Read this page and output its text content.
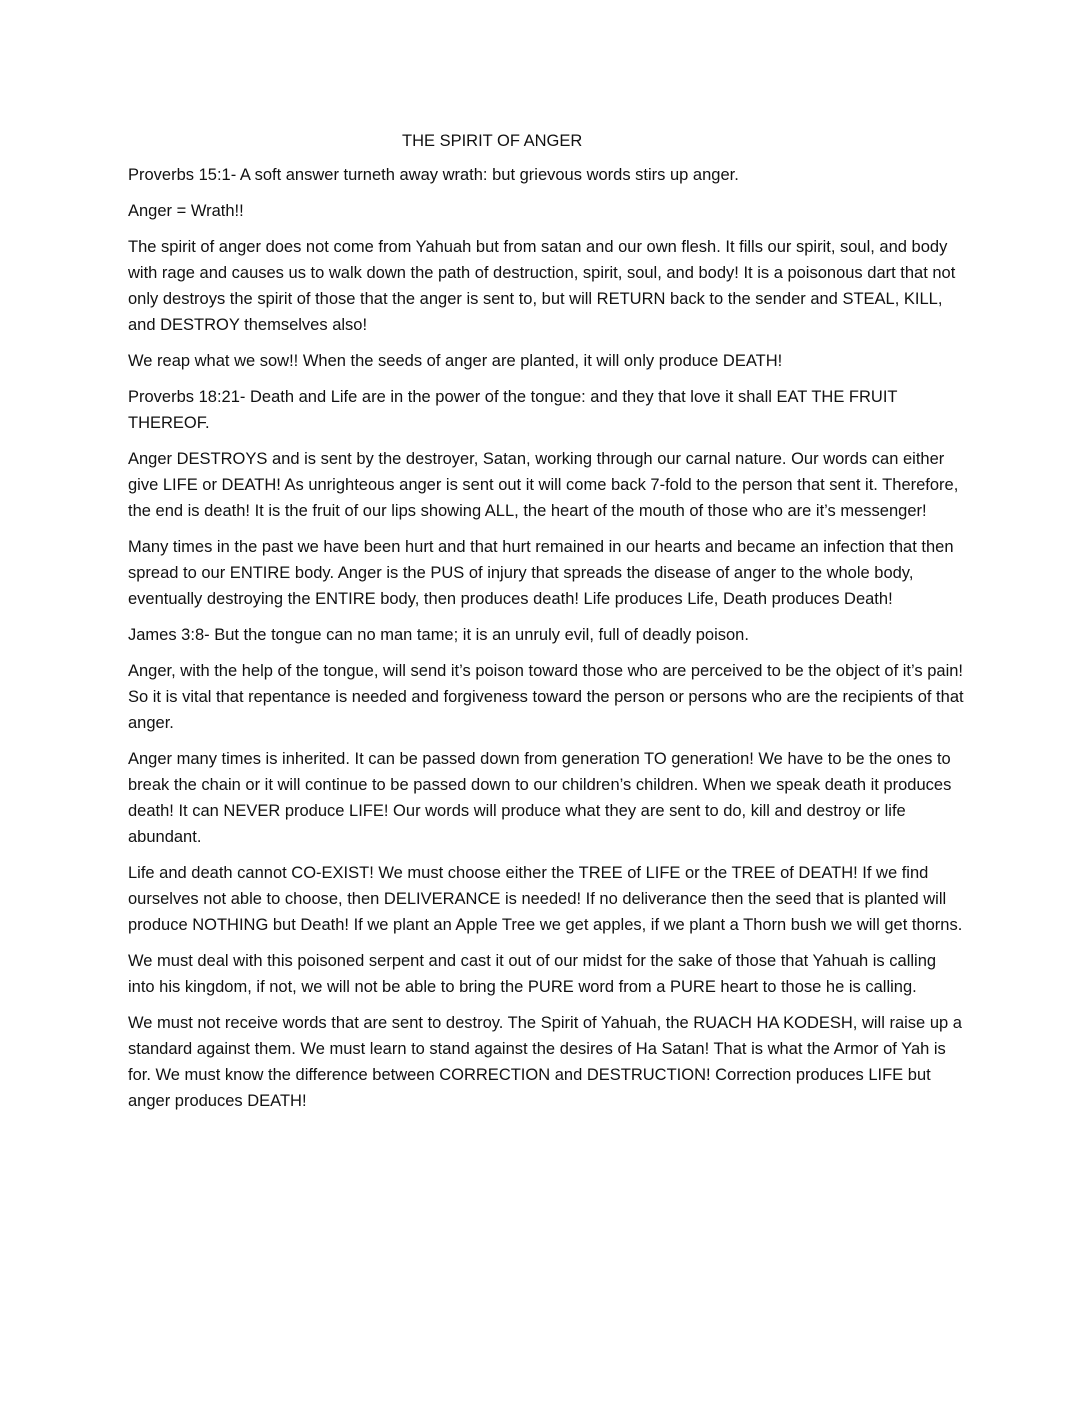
THE SPIRIT OF ANGER

Proverbs 15:1- A soft answer turneth away wrath: but grievous words stirs up anger.

Anger = Wrath!!

The spirit of anger does not come from Yahuah but from satan and our own flesh. It fills our spirit, soul, and body with rage and causes us to walk down the path of destruction, spirit, soul, and body! It is a poisonous dart that not only destroys the spirit of those that the anger is sent to, but will RETURN back to the sender and STEAL, KILL, and DESTROY themselves also!

We reap what we sow!! When the seeds of anger are planted, it will only produce DEATH!

Proverbs 18:21- Death and Life are in the power of the tongue: and they that love it shall EAT THE FRUIT THEREOF.

Anger DESTROYS and is sent by the destroyer, Satan, working through our carnal nature. Our words can either give LIFE or DEATH! As unrighteous anger is sent out it will come back 7-fold to the person that sent it. Therefore, the end is death! It is the fruit of our lips showing ALL, the heart of the mouth of those who are it’s messenger!

Many times in the past we have been hurt and that hurt remained in our hearts and became an infection that then spread to our ENTIRE body. Anger is the PUS of injury that spreads the disease of anger to the whole body, eventually destroying the ENTIRE body, then produces death! Life produces Life, Death produces Death!

James 3:8- But the tongue can no man tame; it is an unruly evil, full of deadly poison.

Anger, with the help of the tongue, will send it’s poison toward those who are perceived to be the object of it’s pain! So it is vital that repentance is needed and forgiveness toward the person or persons who are the recipients of that anger.

Anger many times is inherited. It can be passed down from generation TO generation! We have to be the ones to break the chain or it will continue to be passed down to our children’s children. When we speak death it produces death! It can NEVER produce LIFE! Our words will produce what they are sent to do, kill and destroy or life abundant.

Life and death cannot CO-EXIST! We must choose either the TREE of LIFE or the TREE of DEATH! If we find ourselves not able to choose, then DELIVERANCE is needed! If no deliverance then the seed that is planted will produce NOTHING but Death! If we plant an Apple Tree we get apples, if we plant a Thorn bush we will get thorns.

We must deal with this poisoned serpent and cast it out of our midst for the sake of those that Yahuah is calling into his kingdom, if not, we will not be able to bring the PURE word from a PURE heart to those he is calling.

We must not receive words that are sent to destroy. The Spirit of Yahuah, the RUACH HA KODESH, will raise up a standard against them. We must learn to stand against the desires of Ha Satan! That is what the Armor of Yah is for. We must know the difference between CORRECTION and DESTRUCTION! Correction produces LIFE but anger produces DEATH!
